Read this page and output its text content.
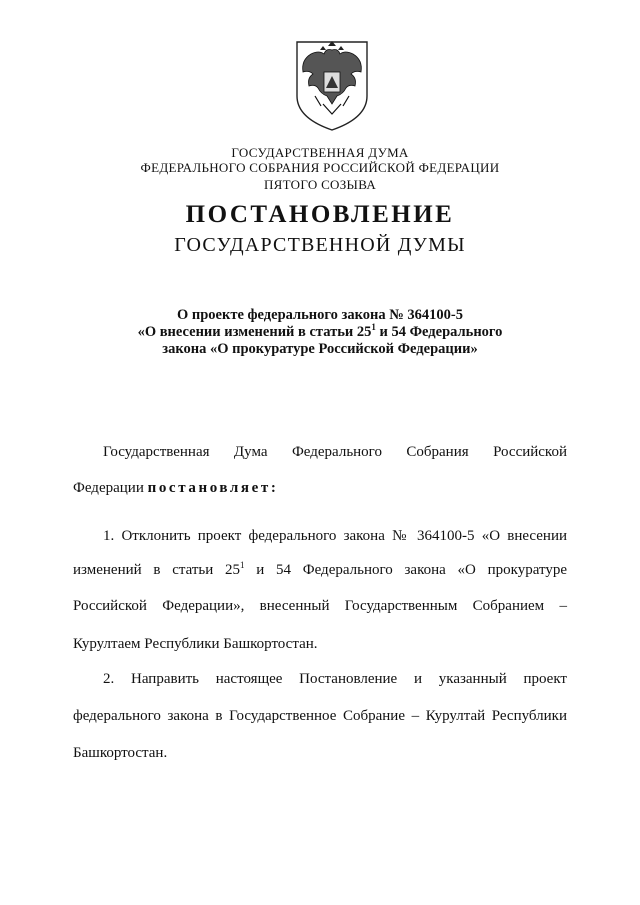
ГОСУДАРСТВЕННАЯ ДУМА
ФЕДЕРАЛЬНОГО СОБРАНИЯ РОССИЙСКОЙ ФЕДЕРАЦИИ
ПЯТОГО СОЗЫВА
ПОСТАНОВЛЕНИЕ
ГОСУДАРСТВЕННОЙ ДУМЫ
О проекте федерального закона № 364100-5
«О внесении изменений в статьи $25^1$ и 54 Федерального
закона «О прокуратуре Российской Федерации»
Государственная Дума Федерального Собрания Российской
Федерации постановляет:
1. Отклонить проект федерального закона № 364100-5 «О внесении
изменений в статьи $25^1$ и 54 Федерального закона «О прокуратуре
Российской Федерации», внесенный Государственным Собранием –
Курултаем Республики Башкортостан.
2. Направить настоящее Постановление и указанный проект
федерального закона в Государственное Собрание – Курултай Республики
Башкортостан.
